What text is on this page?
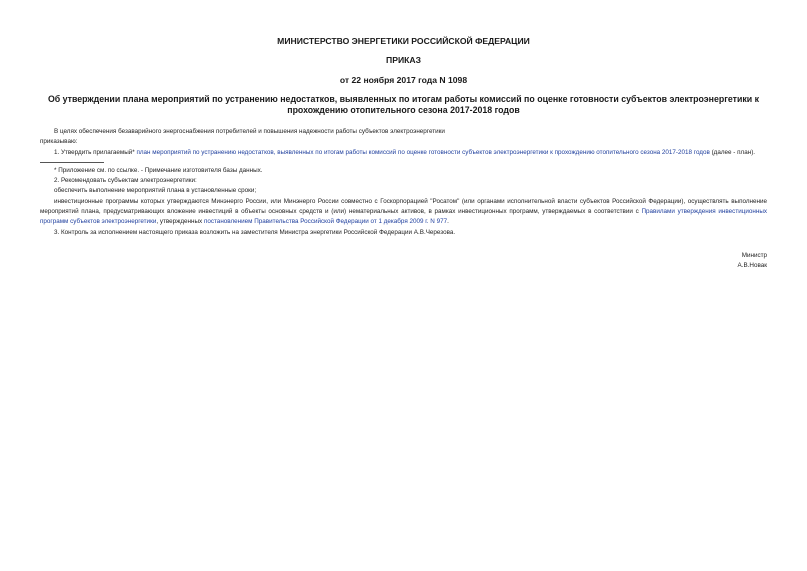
МИНИСТЕРСТВО ЭНЕРГЕТИКИ РОССИЙСКОЙ ФЕДЕРАЦИИ

ПРИКАЗ

от 22 ноября 2017 года N 1098

Об утверждении плана мероприятий по устранению недостатков, выявленных по итогам работы комиссий по оценке готовности субъектов электроэнергетики к прохождению отопительного сезона 2017-2018 годов

В целях обеспечения безаварийного энергоснабжения потребителей и повышения надежности работы субъектов электроэнергетики

приказываю:

1. Утвердить прилагаемый* план мероприятий по устранению недостатков, выявленных по итогам работы комиссий по оценке готовности субъектов электроэнергетики к прохождению отопительного сезона 2017-2018 годов (далее - план).

* Приложение см. по ссылке. - Примечание изготовителя базы данных.

2. Рекомендовать субъектам электроэнергетики:

обеспечить выполнение мероприятий плана в установленные сроки;

инвестиционные программы которых утверждаются Минэнерго России, или Минэнерго России совместно с Госкорпорацией "Росатом" (или органами исполнительной власти субъектов Российской Федерации), осуществлять выполнение мероприятий плана, предусматривающих вложение инвестиций в объекты основных средств и (или) нематериальных активов, в рамках инвестиционных программ, утверждаемых в соответствии с Правилами утверждения инвестиционных программ субъектов электроэнергетики, утвержденных постановлением Правительства Российской Федерации от 1 декабря 2009 г. N 977.

3. Контроль за исполнением настоящего приказа возложить на заместителя Министра энергетики Российской Федерации А.В.Черезова.

Министр
А.В.Новак
